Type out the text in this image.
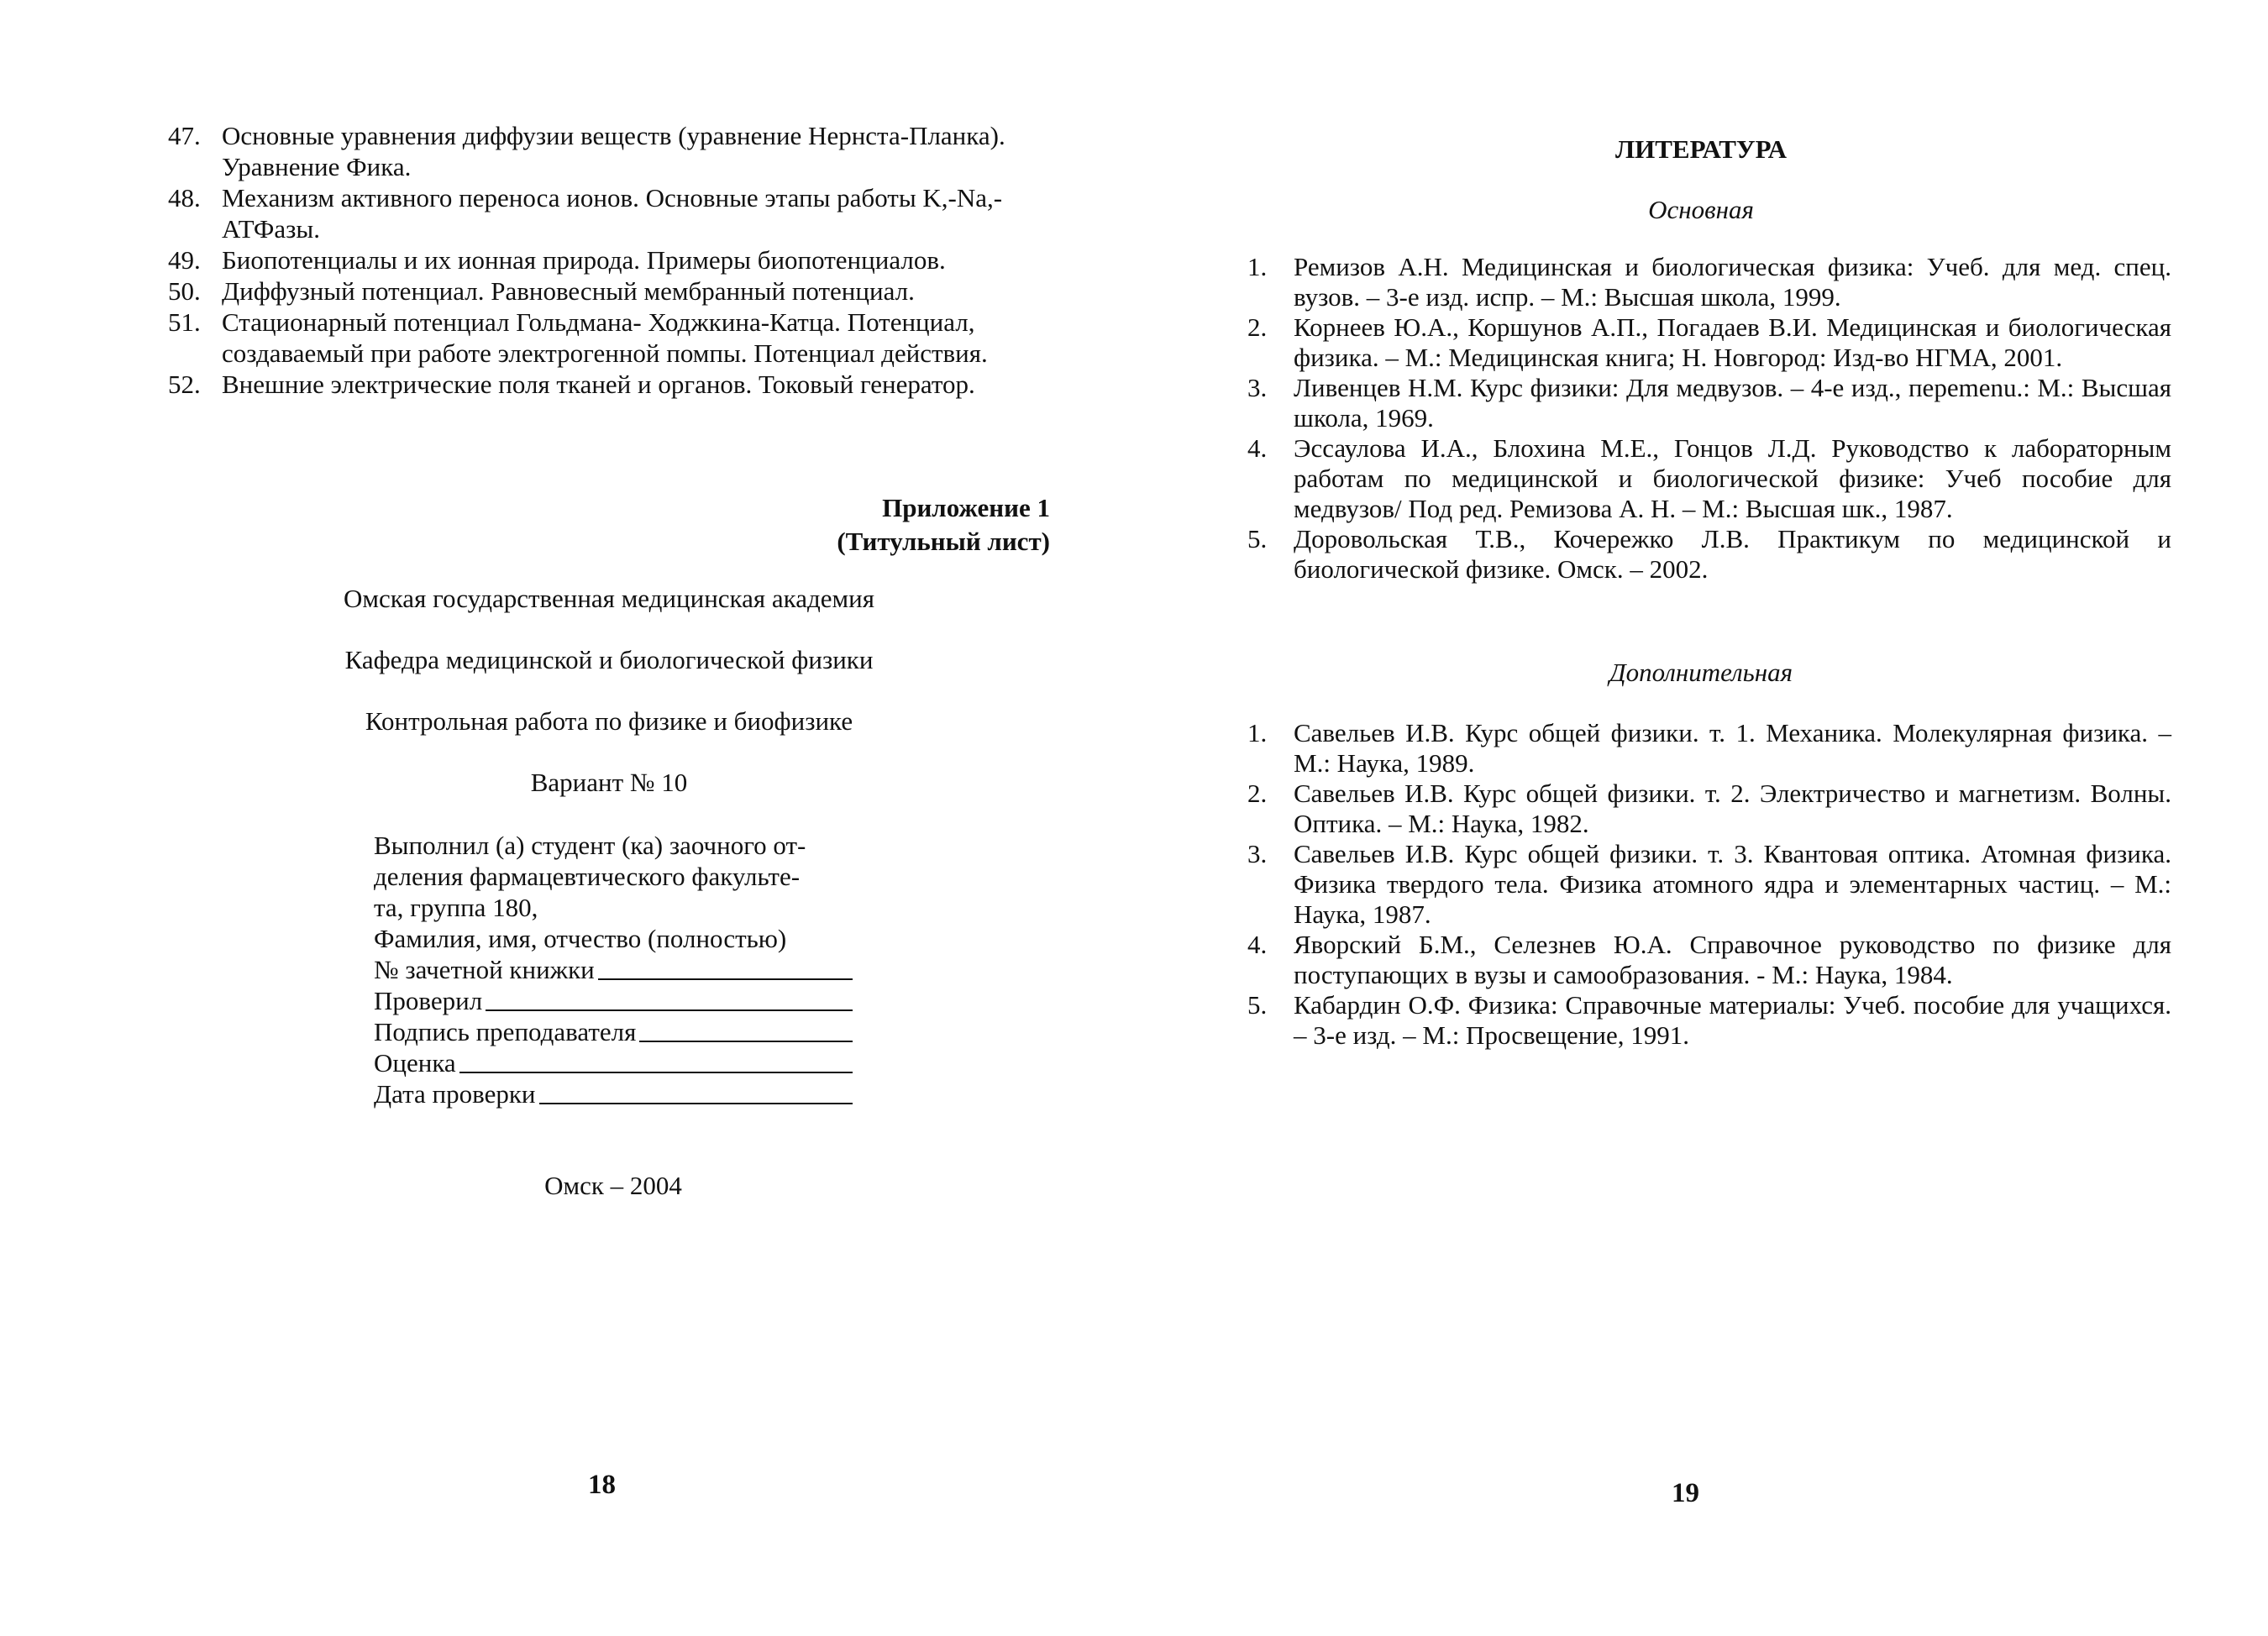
47. Основные уравнения диффузии веществ (уравнение Нернста-Планка). Уравнение Фика.
48. Механизм активного переноса ионов. Основные этапы работы K,-Na,-АТФазы.
49. Биопотенциалы и их ионная природа. Примеры биопотенциалов.
50. Диффузный потенциал. Равновесный мембранный потенциал.
51. Стационарный потенциал Гольдмана- Ходжкина-Катца. Потенциал, создаваемый при работе электрогенной помпы. Потенциал действия.
52. Внешние электрические поля тканей и органов. Токовый генератор.
Приложение 1
(Титульный лист)
Омская государственная медицинская академия
Кафедра медицинской и биологической физики
Контрольная работа по физике и биофизике
Вариант № 10
Выполнил (а) студент (ка) заочного от-
деления фармацевтического факульте-
та, группа 180,
Фамилия, имя, отчество (полностью)
№ зачетной книжки
Проверил
Подпись преподавателя
Оценка
Дата проверки
Омск – 2004
18
ЛИТЕРАТУРА
Основная
1.	Ремизов А.Н. Медицинская и биологическая физика: Учеб. для мед. спец. вузов. – 3-е изд. испр. – М.: Высшая школа, 1999.
2.	Корнеев Ю.А., Коршунов А.П., Погадаев В.И. Медицинская и биологическая физика. – М.: Медицинская книга; Н. Новгород: Изд-во НГМА, 2001.
3.	Ливенцев Н.М. Курс физики: Для медвузов. – 4-е изд., переmenu.: М.: Высшая школа, 1969.
4.	Эссаулова И.А., Блохина М.Е., Гонцов Л.Д. Руководство к лабораторным работам по медицинской и биологической физике: Учеб пособие для медвузов/ Под ред. Ремизова А. Н. – М.: Высшая шк., 1987.
5.	Доровольская Т.В., Кочережко Л.В. Практикум по медицинской и биологической физике. Омск. – 2002.
Дополнительная
1.	Савельев И.В. Курс общей физики. т. 1. Механика. Молекулярная физика. – М.: Наука, 1989.
2.	Савельев И.В. Курс общей физики. т. 2. Электричество и магнетизм. Волны. Оптика. – М.: Наука, 1982.
3.	Савельев И.В. Курс общей физики. т. 3. Квантовая оптика. Атомная физика. Физика твердого тела. Физика атомного ядра и элементарных частиц. – М.: Наука, 1987.
4.	Яворский Б.М., Селезнев Ю.А. Справочное руководство по физике для поступающих в вузы и самообразования. - М.: Наука, 1984.
5.	Кабардин О.Ф. Физика: Справочные материалы: Учеб. пособие для учащихся. – 3-е изд. – М.: Просвещение, 1991.
19
